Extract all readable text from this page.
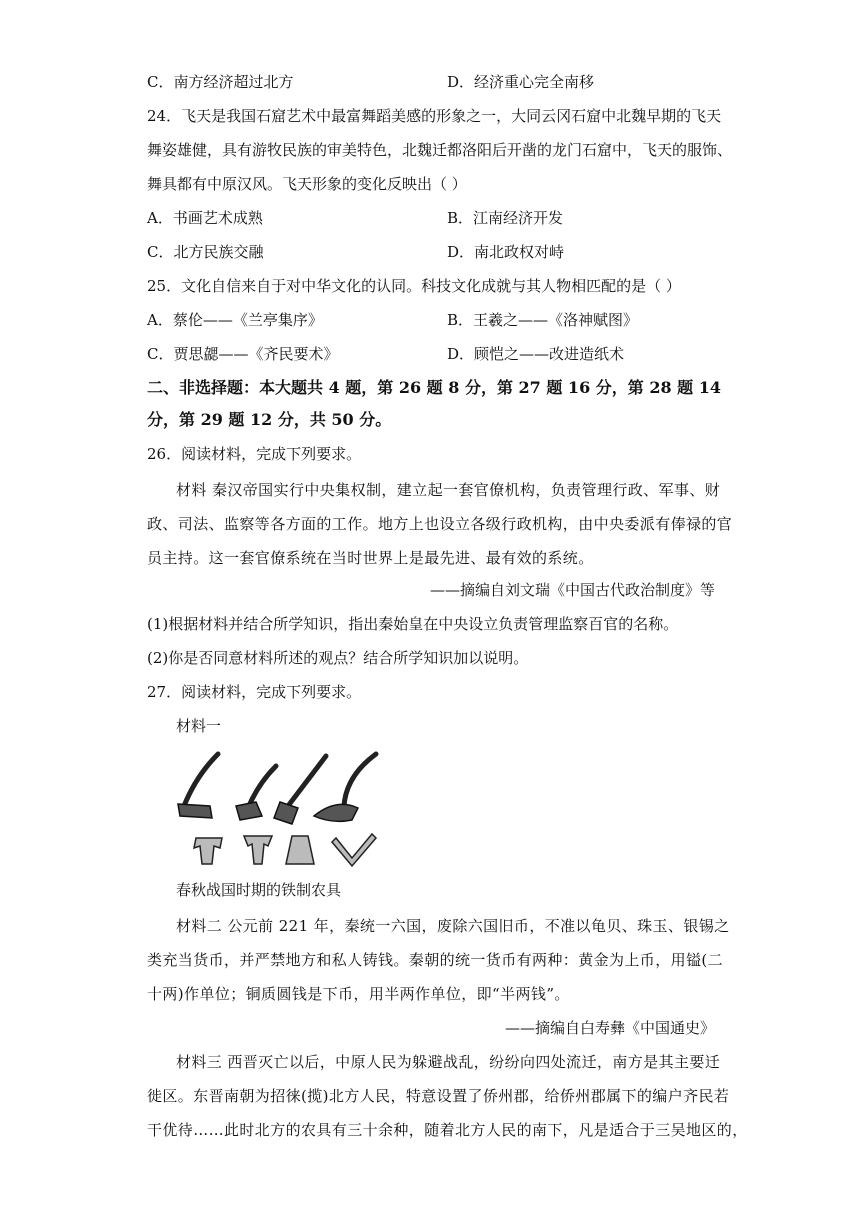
C．南方经济超过北方	D．经济重心完全南移
24．飞天是我国石窟艺术中最富舞蹈美感的形象之一，大同云冈石窟中北魏早期的飞天
舞姿雄健，具有游牧民族的审美特色，北魏迁都洛阳后开凿的龙门石窟中，飞天的服饰、
舞具都有中原汉风。飞天形象的变化反映出（ ）
A．书画艺术成熟	B．江南经济开发
C．北方民族交融	D．南北政权对峙
25．文化自信来自于对中华文化的认同。科技文化成就与其人物相匹配的是（ ）
A．蔡伦——《兰亭集序》	B．王羲之——《洛神赋图》
C．贾思勰——《齐民要术》	D．顾恺之——改进造纸术
二、非选择题：本大题共 4 题，第 26 题 8 分，第 27 题 16 分，第 28 题 14
分，第 29 题 12 分，共 50 分。
26．阅读材料，完成下列要求。
材料 秦汉帝国实行中央集权制，建立起一套官僚机构，负责管理行政、军事、财
政、司法、监察等各方面的工作。地方上也设立各级行政机构，由中央委派有俸禄的官
员主持。这一套官僚系统在当时世界上是最先进、最有效的系统。
——摘编自刘文瑞《中国古代政治制度》等
(1)根据材料并结合所学知识，指出秦始皇在中央设立负责管理监察百官的名称。
(2)你是否同意材料所述的观点？结合所学知识加以说明。
27．阅读材料，完成下列要求。
材料一
春秋战国时期的铁制农具
材料二 公元前 221 年，秦统一六国，废除六国旧币，不准以龟贝、珠玉、银锡之
类充当货币，并严禁地方和私人铸钱。秦朝的统一货币有两种：黄金为上币，用镒(二
十两)作单位；铜质圆钱是下币，用半两作单位，即“半两钱”。
——摘编自白寿彝《中国通史》
材料三 西晋灭亡以后，中原人民为躲避战乱，纷纷向四处流迁，南方是其主要迁
徙区。东晋南朝为招徕(揽)北方人民，特意设置了侨州郡，给侨州郡属下的编户齐民若
干优待……此时北方的农具有三十余种，随着北方人民的南下，凡是适合于三吴地区的，
